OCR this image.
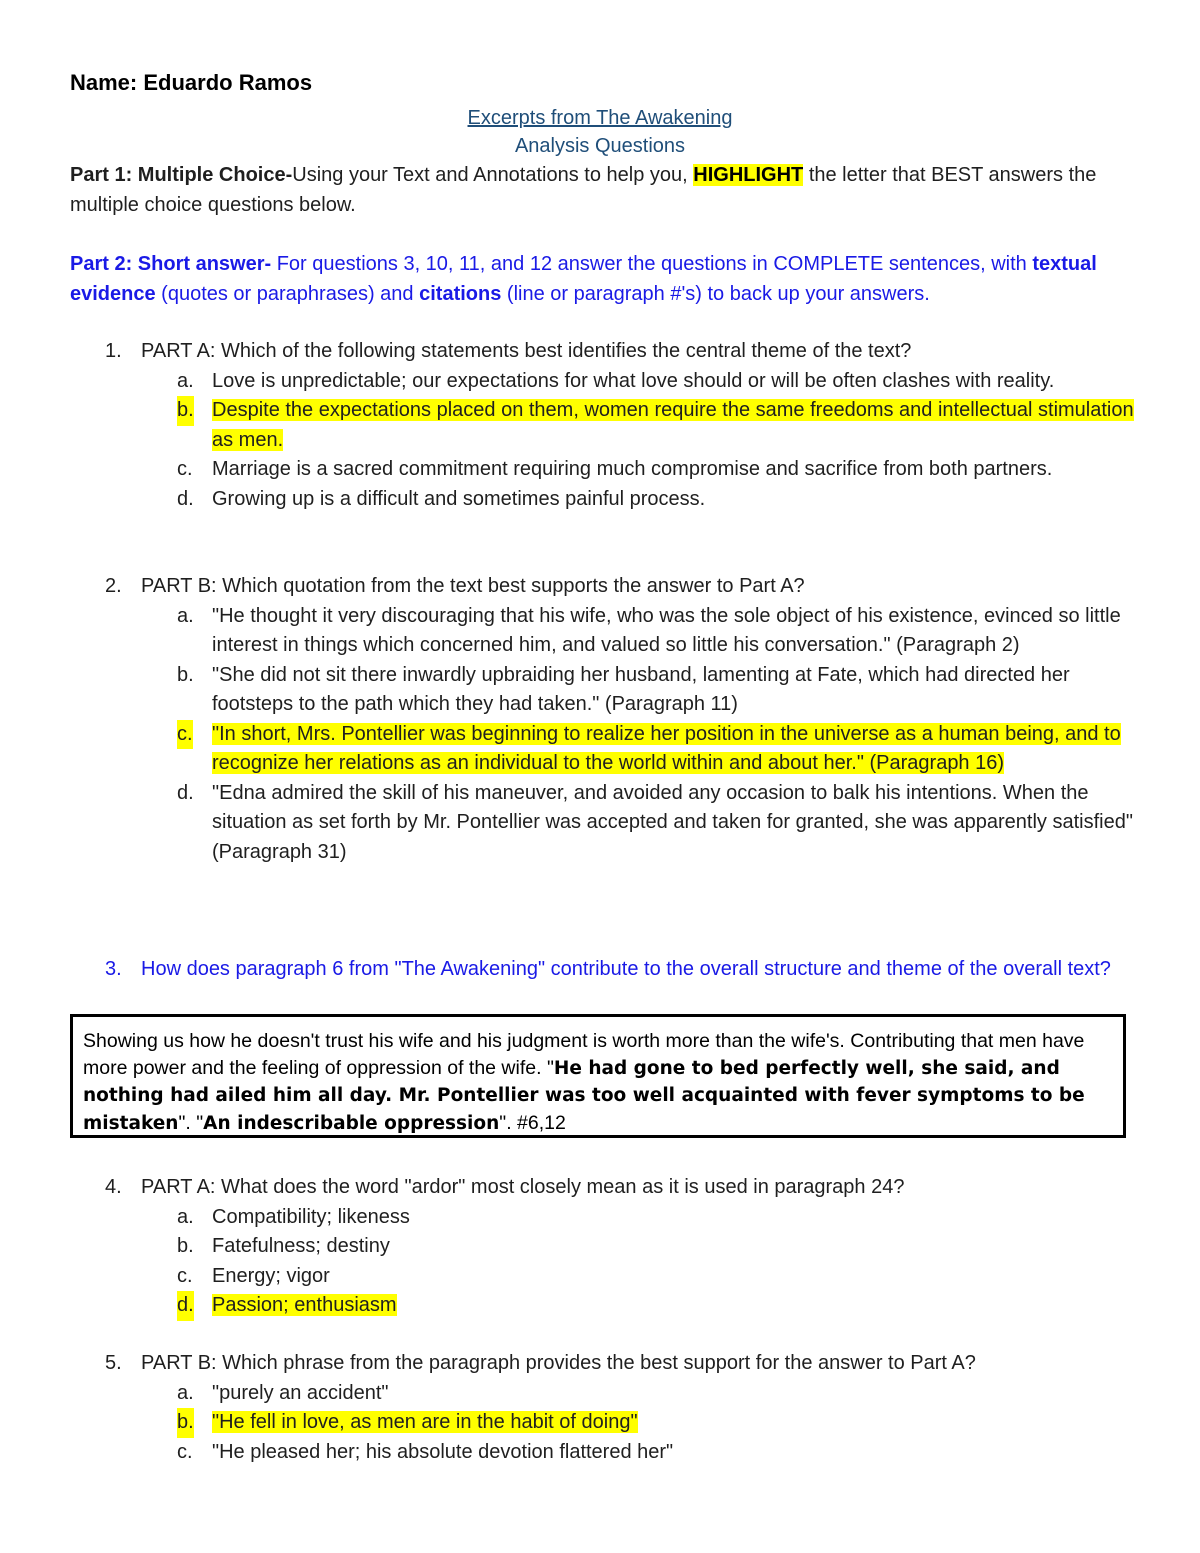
Name: Eduardo Ramos
Excerpts from The Awakening
Analysis Questions
Part 1: Multiple Choice-Using your Text and Annotations to help you, HIGHLIGHT the letter that BEST answers the multiple choice questions below.
Part 2: Short answer- For questions 3, 10, 11, and 12 answer the questions in COMPLETE sentences, with textual evidence (quotes or paraphrases) and citations (line or paragraph #'s) to back up your answers.
1. PART A: Which of the following statements best identifies the central theme of the text?
a. Love is unpredictable; our expectations for what love should or will be often clashes with reality.
b. Despite the expectations placed on them, women require the same freedoms and intellectual stimulation as men.
c. Marriage is a sacred commitment requiring much compromise and sacrifice from both partners.
d. Growing up is a difficult and sometimes painful process.
2. PART B: Which quotation from the text best supports the answer to Part A?
a. "He thought it very discouraging that his wife, who was the sole object of his existence, evinced so little interest in things which concerned him, and valued so little his conversation." (Paragraph 2)
b. "She did not sit there inwardly upbraiding her husband, lamenting at Fate, which had directed her footsteps to the path which they had taken." (Paragraph 11)
c. "In short, Mrs. Pontellier was beginning to realize her position in the universe as a human being, and to recognize her relations as an individual to the world within and about her." (Paragraph 16)
d. "Edna admired the skill of his maneuver, and avoided any occasion to balk his intentions. When the situation as set forth by Mr. Pontellier was accepted and taken for granted, she was apparently satisfied" (Paragraph 31)
3. How does paragraph 6 from "The Awakening" contribute to the overall structure and theme of the overall text?
Showing us how he doesn't trust his wife and his judgment is worth more than the wife's. Contributing that men have more power and the feeling of oppression of the wife. "He had gone to bed perfectly well, she said, and nothing had ailed him all day. Mr. Pontellier was too well acquainted with fever symptoms to be mistaken". "An indescribable oppression". #6,12
4. PART A: What does the word "ardor" most closely mean as it is used in paragraph 24?
a. Compatibility; likeness
b. Fatefulness; destiny
c. Energy; vigor
d. Passion; enthusiasm
5. PART B: Which phrase from the paragraph provides the best support for the answer to Part A?
a. "purely an accident"
b. "He fell in love, as men are in the habit of doing"
c. "He pleased her; his absolute devotion flattered her"
